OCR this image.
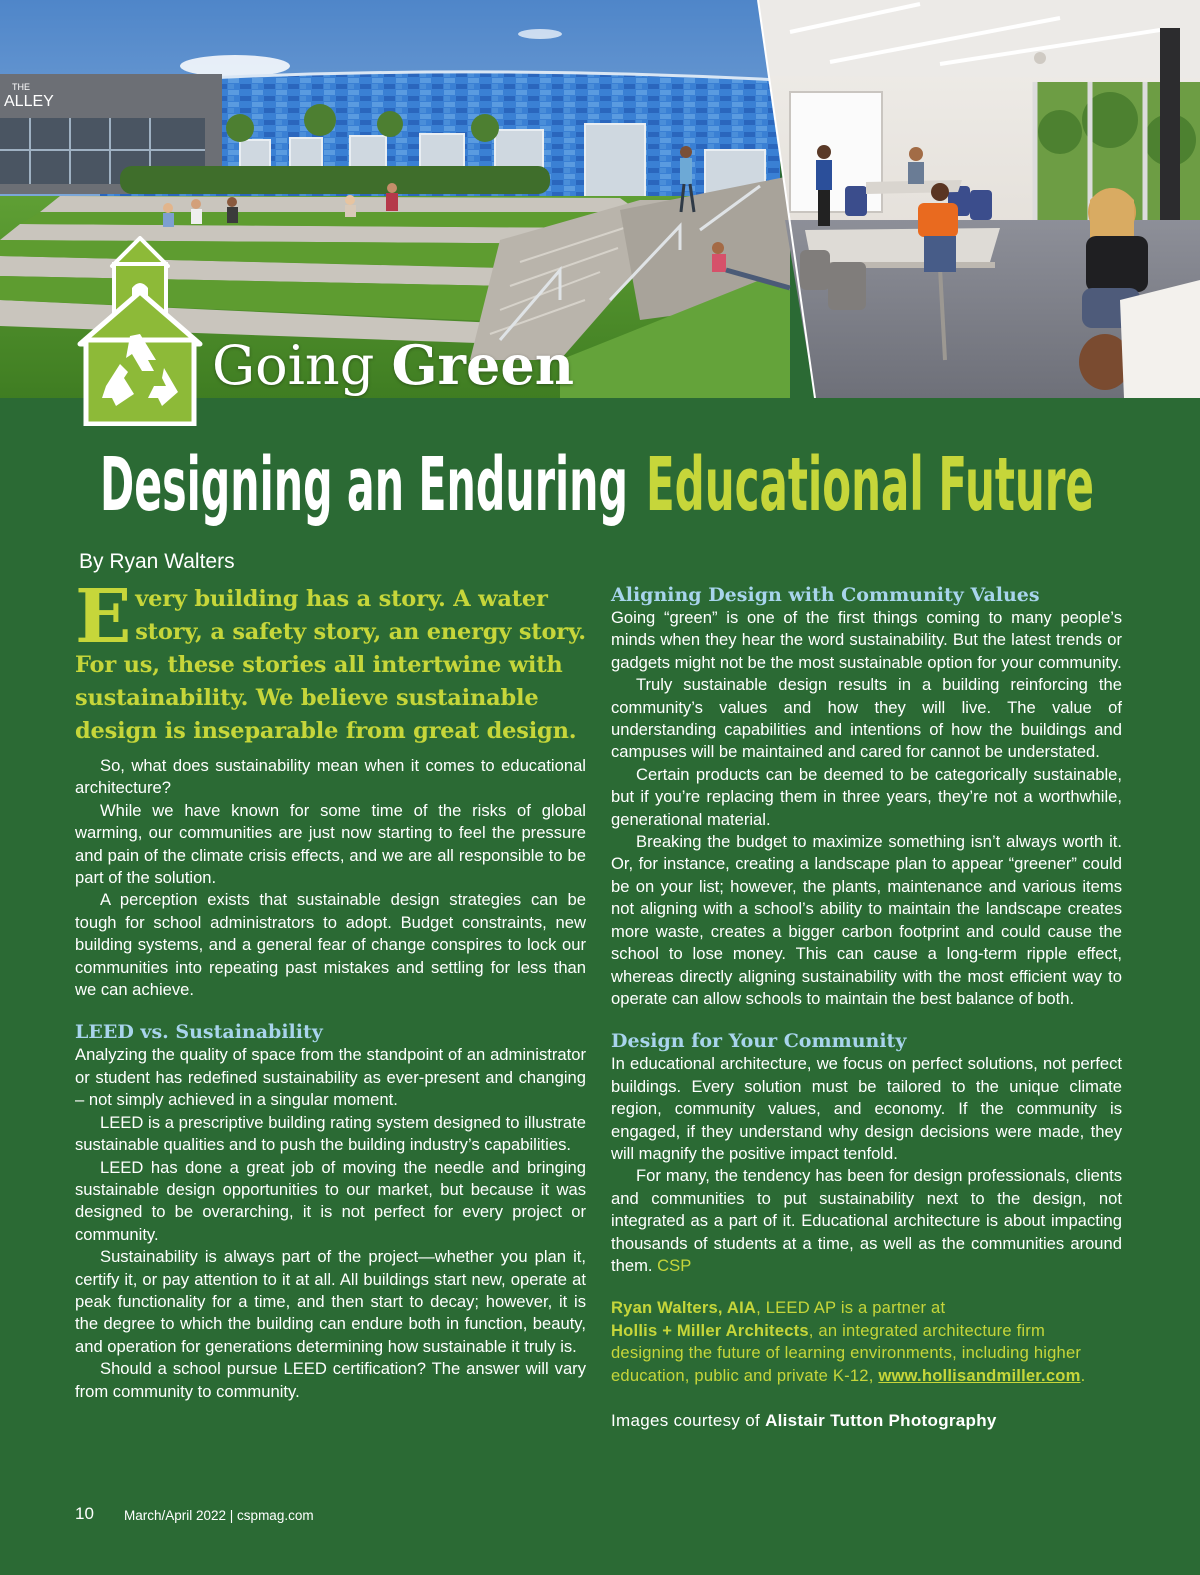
THE
ALLEY
Going Green
Designing an Enduring Educational Future
By Ryan Walters

Every building has a story. A water story, a safety story, an energy story. For us, these stories all intertwine with sustainability. We believe sustainable design is inseparable from great design.

So, what does sustainability mean when it comes to educational architecture?

While we have known for some time of the risks of global warming, our communities are just now starting to feel the pressure and pain of the climate crisis effects, and we are all responsible to be part of the solution.

A perception exists that sustainable design strategies can be tough for school administrators to adopt. Budget constraints, new building systems, and a general fear of change conspires to lock our communities into repeating past mistakes and settling for less than we can achieve.

LEED vs. Sustainability

Analyzing the quality of space from the standpoint of an administrator or student has redefined sustainability as ever-present and changing – not simply achieved in a singular moment.

LEED is a prescriptive building rating system designed to illustrate sustainable qualities and to push the building industry’s capabilities.

LEED has done a great job of moving the needle and bringing sustainable design opportunities to our market, but because it was designed to be overarching, it is not perfect for every project or community.

Sustainability is always part of the project—whether you plan it, certify it, or pay attention to it at all. All buildings start new, operate at peak functionality for a time, and then start to decay; however, it is the degree to which the building can endure both in function, beauty, and operation for generations determining how sustainable it truly is.

Should a school pursue LEED certification? The answer will vary from community to community.

Aligning Design with Community Values

Going “green” is one of the first things coming to many people’s minds when they hear the word sustainability. But the latest trends or gadgets might not be the most sustainable option for your community.

Truly sustainable design results in a building reinforcing the community’s values and how they will live. The value of understanding capabilities and intentions of how the buildings and campuses will be maintained and cared for cannot be understated.

Certain products can be deemed to be categorically sustainable, but if you’re replacing them in three years, they’re not a worthwhile, generational material.

Breaking the budget to maximize something isn’t always worth it. Or, for instance, creating a landscape plan to appear “greener” could be on your list; however, the plants, maintenance and various items not aligning with a school’s ability to maintain the landscape creates more waste, creates a bigger carbon footprint and could cause the school to lose money. This can cause a long-term ripple effect, whereas directly aligning sustainability with the most efficient way to operate can allow schools to maintain the best balance of both.

Design for Your Community

In educational architecture, we focus on perfect solutions, not perfect buildings. Every solution must be tailored to the unique climate region, community values, and economy. If the community is engaged, if they understand why design decisions were made, they will magnify the positive impact tenfold.

For many, the tendency has been for design professionals, clients and communities to put sustainability next to the design, not integrated as a part of it. Educational architecture is about impacting thousands of students at a time, as well as the communities around them. CSP

Ryan Walters, AIA, LEED AP is a partner at
Hollis + Miller Architects, an integrated architecture firm designing the future of learning environments, including higher education, public and private K-12, www.hollisandmiller.com.

Images courtesy of Alistair Tutton Photography

10 March/April 2022 | cspmag.com
